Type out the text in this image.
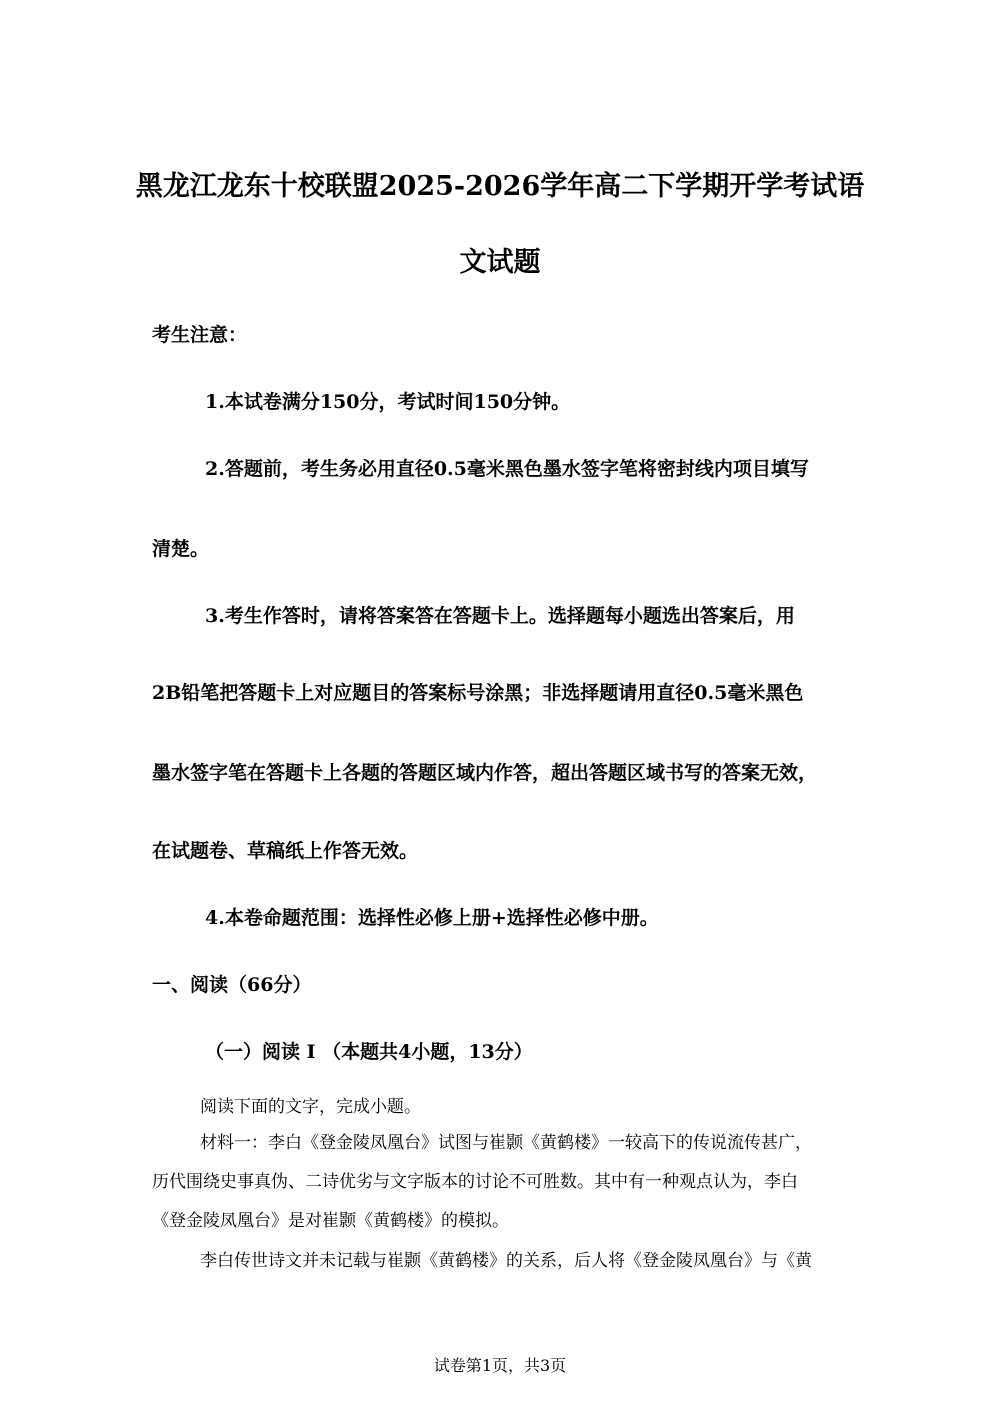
黑龙江龙东十校联盟2025-2026学年高二下学期开学考试语
文试题
考生注意：
1.本试卷满分150分，考试时间150分钟。
2.答题前，考生务必用直径0.5毫米黑色墨水签字笔将密封线内项目填写
清楚。
3.考生作答时，请将答案答在答题卡上。选择题每小题选出答案后，用
2B铅笔把答题卡上对应题目的答案标号涂黑；非选择题请用直径0.5毫米黑色
墨水签字笔在答题卡上各题的答题区域内作答，超出答题区域书写的答案无效，
在试题卷、草稿纸上作答无效。
4.本卷命题范围：选择性必修上册+选择性必修中册。
一、阅读（66分）
（一）阅读 I （本题共4小题，13分）
阅读下面的文字，完成小题。
材料一：李白《登金陵凤凰台》试图与崔颢《黄鹤楼》一较高下的传说流传甚广，
历代围绕史事真伪、二诗优劣与文字版本的讨论不可胜数。其中有一种观点认为，李白
《登金陵凤凰台》是对崔颢《黄鹤楼》的模拟。
李白传世诗文并未记载与崔颢《黄鹤楼》的关系，后人将《登金陵凤凰台》与《黄
试卷第1页，共3页
